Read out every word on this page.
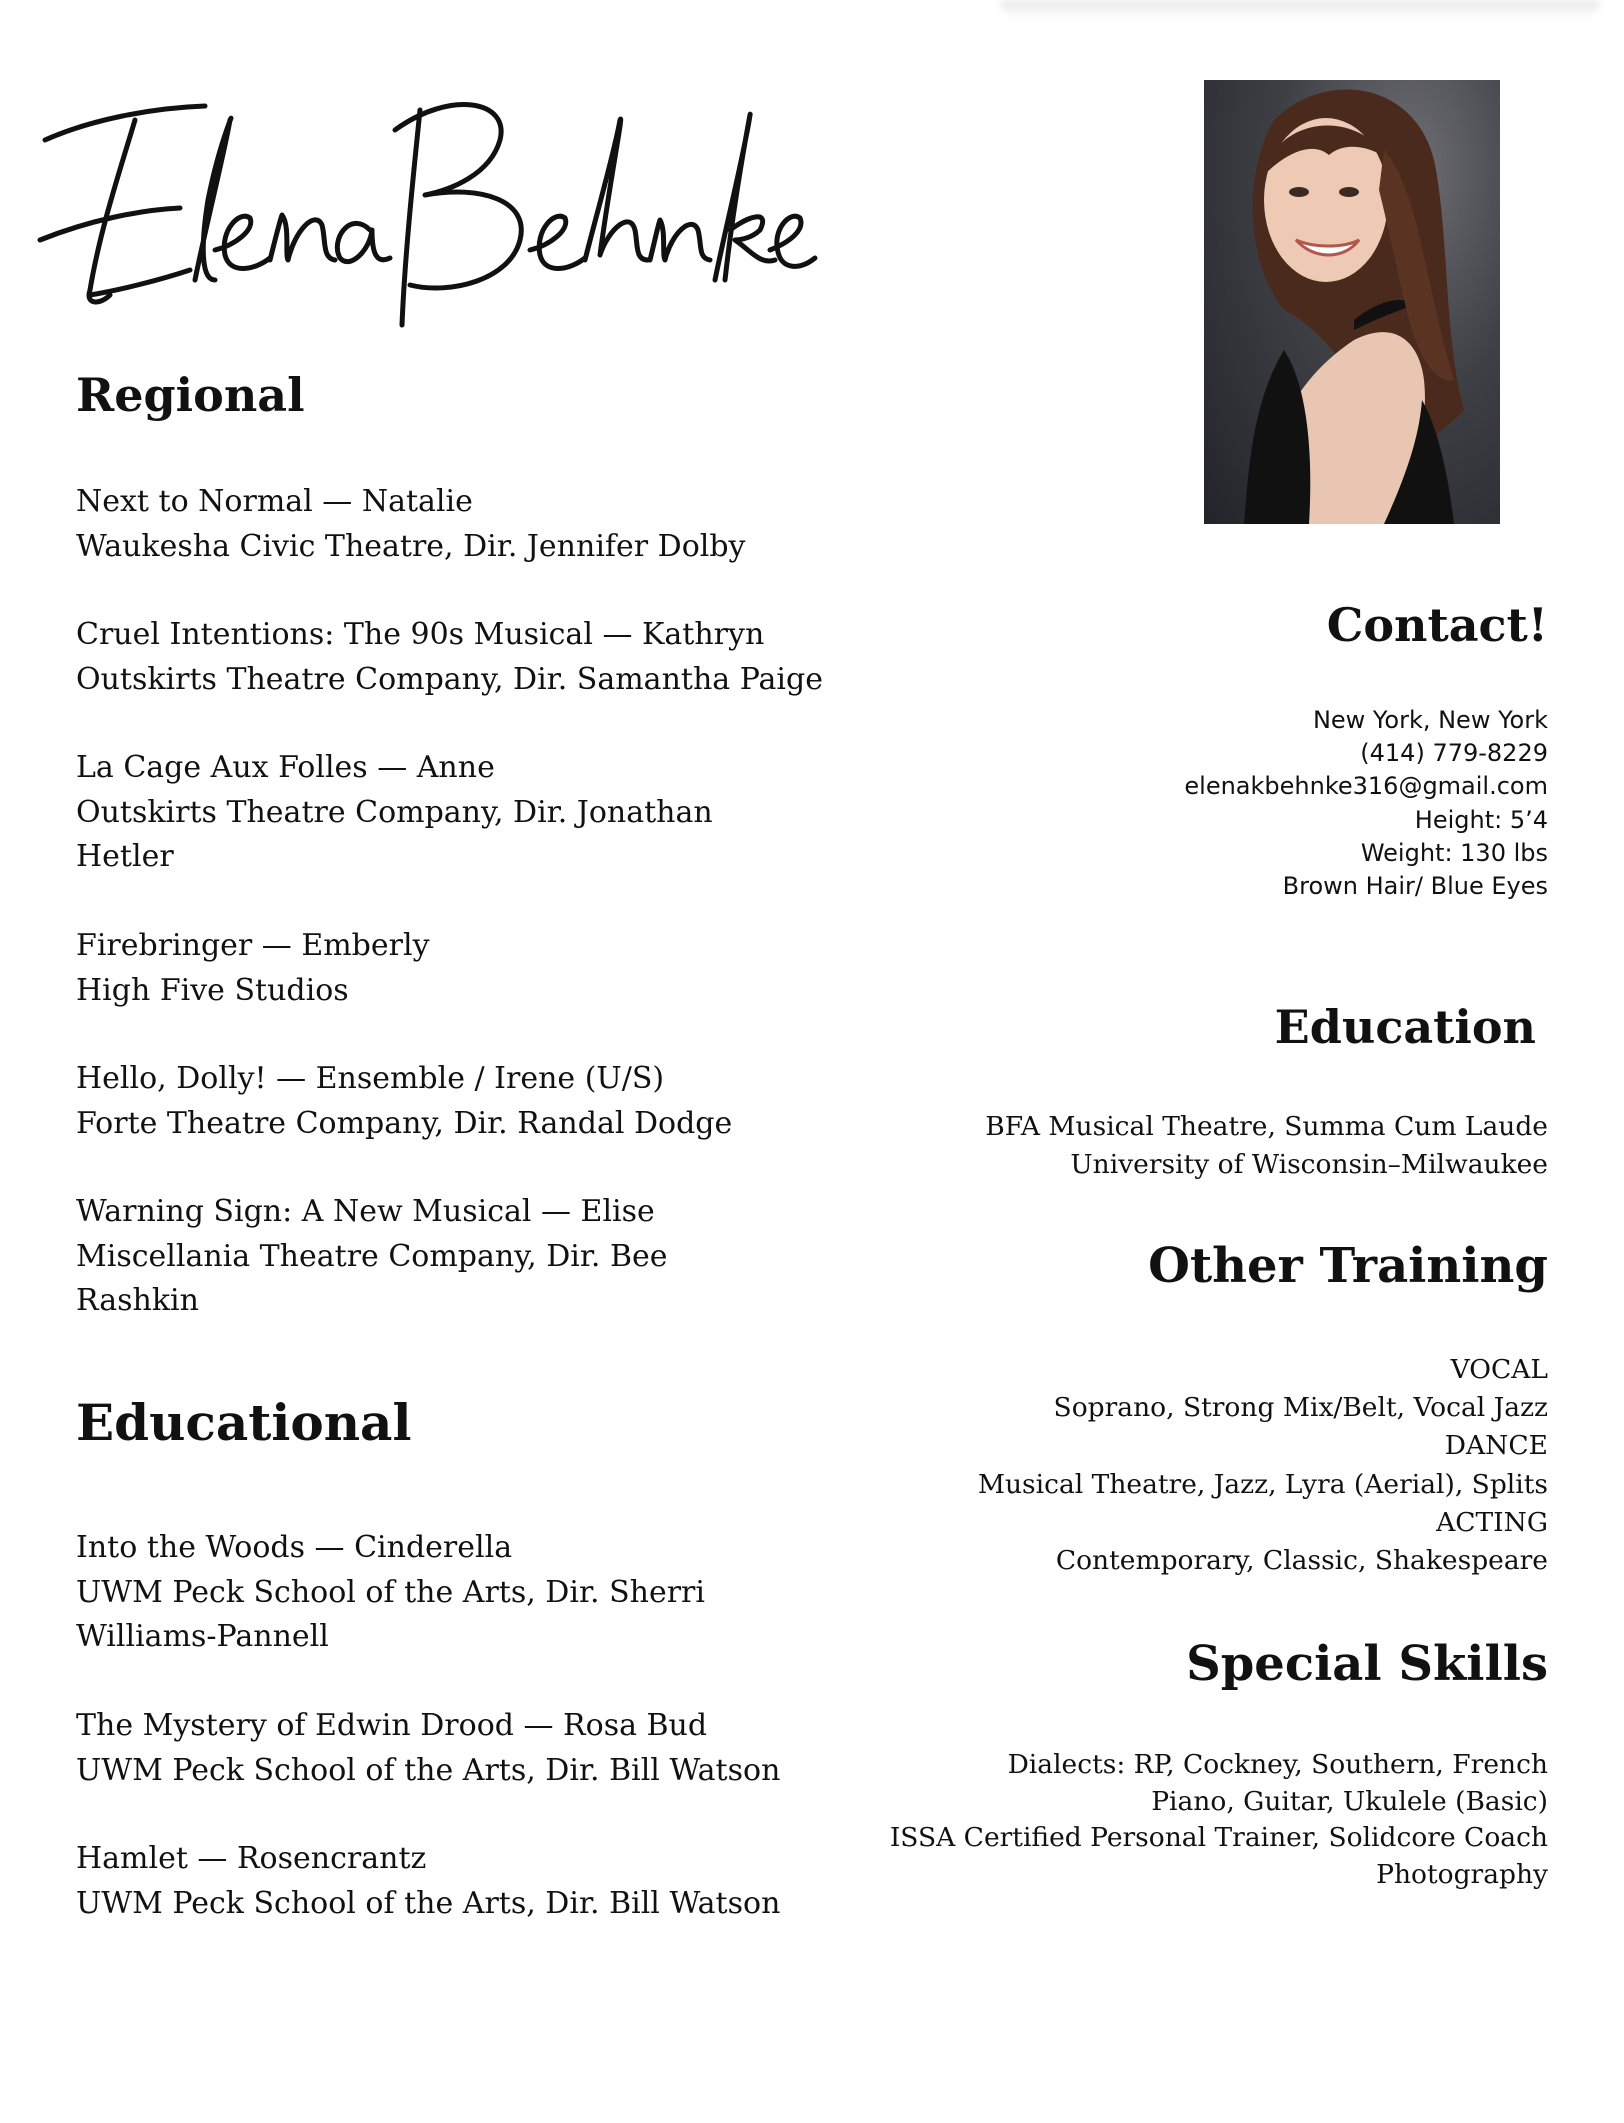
Regional
Next to Normal — Natalie
Waukesha Civic Theatre, Dir. Jennifer Dolby
Cruel Intentions: The 90s Musical — Kathryn
Outskirts Theatre Company, Dir. Samantha Paige
La Cage Aux Folles — Anne
Outskirts Theatre Company, Dir. Jonathan
Hetler
Firebringer — Emberly
High Five Studios
Hello, Dolly! — Ensemble / Irene (U/S)
Forte Theatre Company, Dir. Randal Dodge
Warning Sign: A New Musical — Elise
Miscellania Theatre Company, Dir. Bee
Rashkin
Educational
Into the Woods — Cinderella
UWM Peck School of the Arts, Dir. Sherri
Williams-Pannell
The Mystery of Edwin Drood — Rosa Bud
UWM Peck School of the Arts, Dir. Bill Watson
Hamlet — Rosencrantz
UWM Peck School of the Arts, Dir. Bill Watson
Contact!
New York, New York
(414) 779-8229
elenakbehnke316@gmail.com
Height: 5’4
Weight: 130 lbs
Brown Hair/ Blue Eyes
Education
BFA Musical Theatre, Summa Cum Laude
University of Wisconsin–Milwaukee
Other Training
VOCAL
Soprano, Strong Mix/Belt, Vocal Jazz
DANCE
Musical Theatre, Jazz, Lyra (Aerial), Splits
ACTING
Contemporary, Classic, Shakespeare
Special Skills
Dialects: RP, Cockney, Southern, French
Piano, Guitar, Ukulele (Basic)
ISSA Certified Personal Trainer, Solidcore Coach
Photography
